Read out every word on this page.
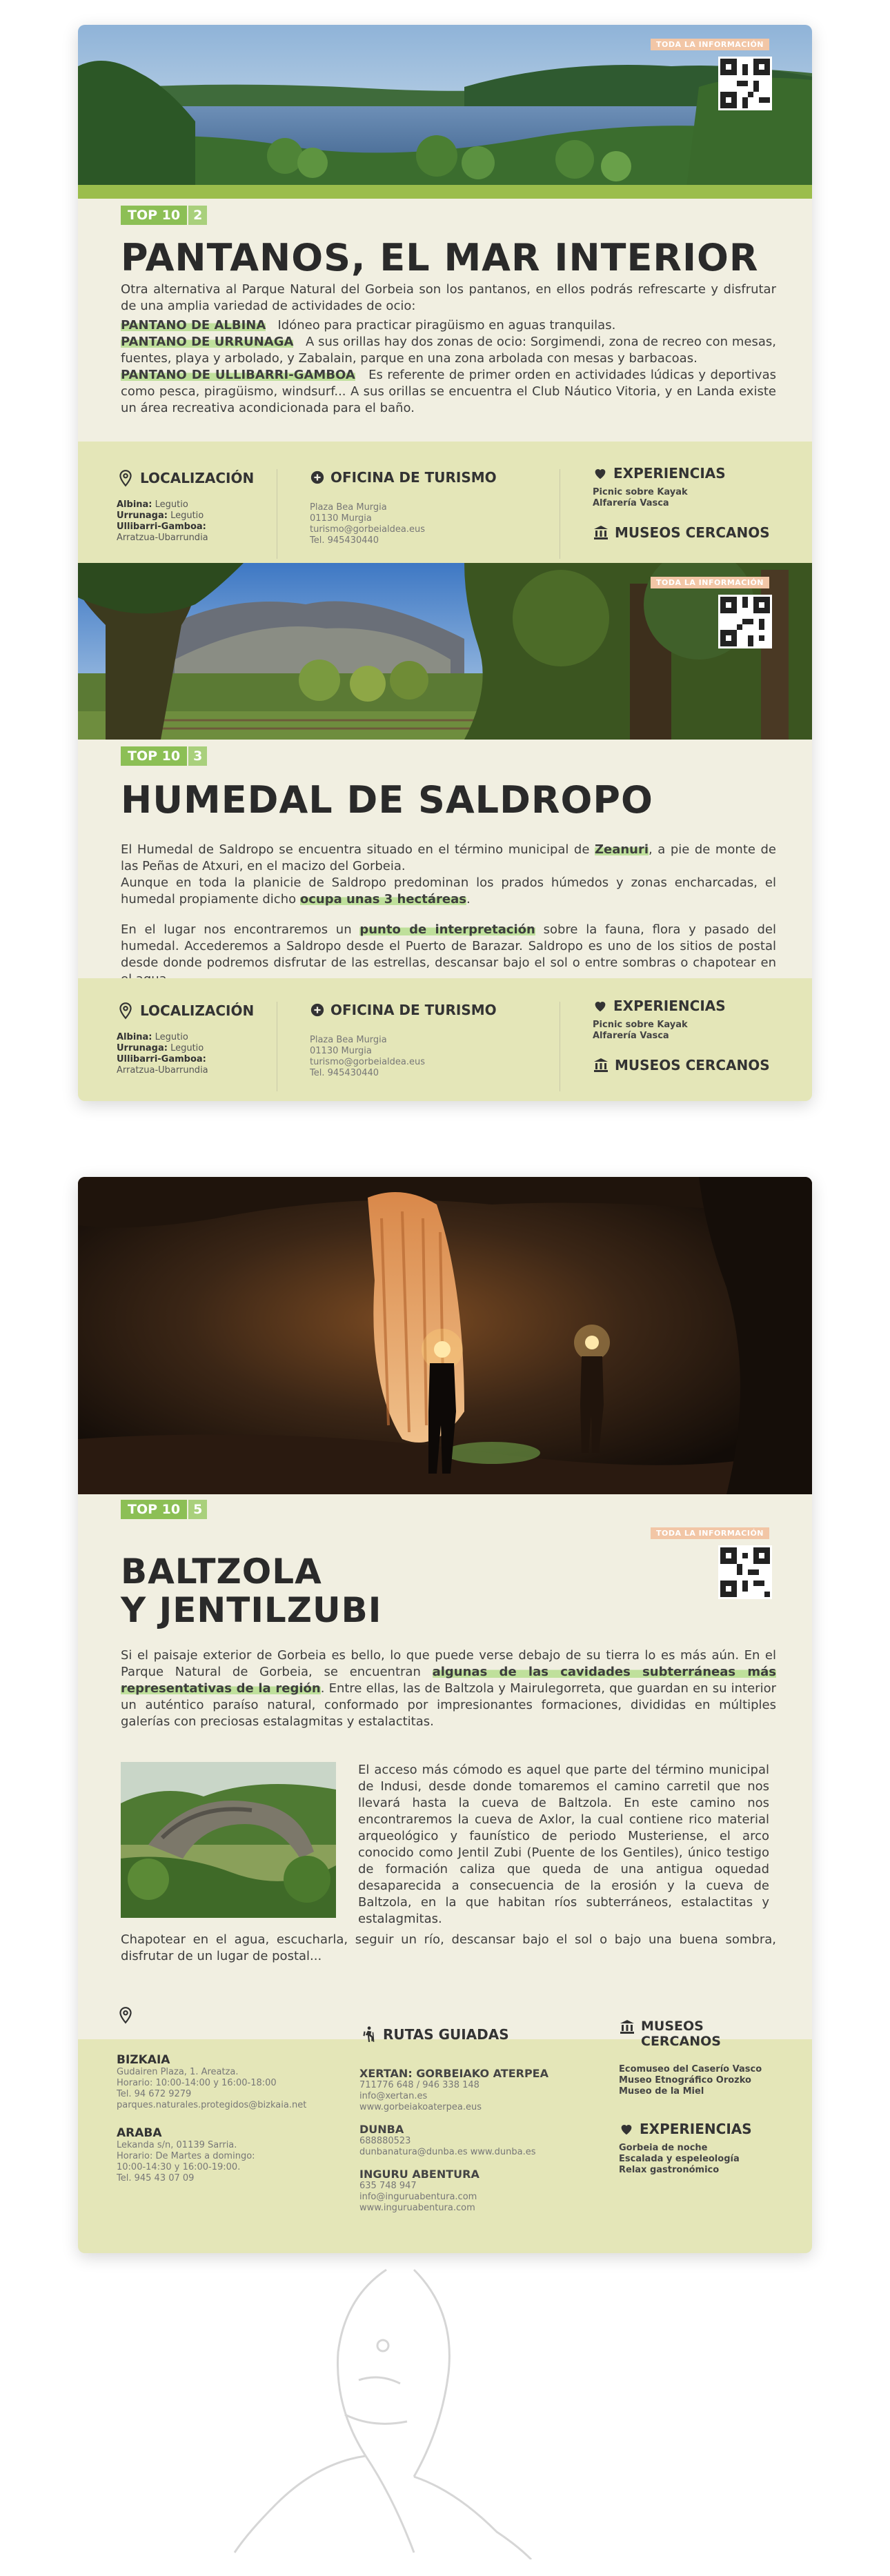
TODA LA INFORMACIÓN
TOP 10	2
PANTANOS, EL MAR INTERIOR

Otra alternativa al Parque Natural del Gorbeia son los pantanos, en ellos podrás refrescarte y disfrutar de una amplia variedad de actividades de ocio:

PANTANO DE ALBINA Idóneo para practicar piragüismo en aguas tranquilas.

PANTANO DE URRUNAGA A sus orillas hay dos zonas de ocio: Sorgimendi, zona de recreo con mesas, fuentes, playa y arbolado, y Zabalain, parque en una zona arbolada con mesas y barbacoas.

PANTANO DE ULLIBARRI-GAMBOA Es referente de primer orden en actividades lúdicas y deportivas como pesca, piragüismo, windsurf... A sus orillas se encuentra el Club Náutico Vitoria, y en Landa existe un área recreativa acondicionada para el baño.

LOCALIZACIÓN
Albina: Legutio
Urrunaga: Legutio
Ullibarri-Gamboa:
Arratzua-Ubarrundia
OFICINA DE TURISMO
Plaza Bea Murgia
01130 Murgia
turismo@gorbeialdea.eus
Tel. 945430440
EXPERIENCIAS
Picnic sobre Kayak
Alfarería Vasca
MUSEOS CERCANOS
TODA LA INFORMACIÓN
TOP 10	3
HUMEDAL DE SALDROPO

El Humedal de Saldropo se encuentra situado en el término municipal de Zeanuri, a pie de monte de las Peñas de Atxuri, en el macizo del Gorbeia.

Aunque en toda la planicie de Saldropo predominan los prados húmedos y zonas encharcadas, el humedal propiamente dicho ocupa unas 3 hectáreas.

En el lugar nos encontraremos un punto de interpretación sobre la fauna, flora y pasado del humedal. Accederemos a Saldropo desde el Puerto de Barazar. Saldropo es uno de los sitios de postal desde donde podremos disfrutar de las estrellas, descansar bajo el sol o entre sombras o chapotear en

LOCALIZACIÓN
Albina: Legutio
Urrunaga: Legutio
Ullibarri-Gamboa:
Arratzua-Ubarrundia
OFICINA DE TURISMO
Plaza Bea Murgia
01130 Murgia
turismo@gorbeialdea.eus
Tel. 945430440
EXPERIENCIAS
Picnic sobre Kayak
Alfarería Vasca
MUSEOS CERCANOS
TOP 10	5
TODA LA INFORMACIÓN
BALTZOLA
Y JENTILZUBI
Si el paisaje exterior de Gorbeia es bello, lo que puede verse debajo de su tierra lo es más aún. En el Parque Natural de Gorbeia, se encuentran algunas de las cavidades subterráneas más representativas de la región. Entre ellas, las de Baltzola y Mairulegorreta, que guardan en su interior un auténtico paraíso natural, conformado por impresionantes formaciones, divididas en múltiples galerías con preciosas estalagmitas y estalactitas.
El acceso más cómodo es aquel que parte del término municipal de Indusi, desde donde tomaremos el camino carretil que nos llevará hasta la cueva de Baltzola. En este camino nos encontraremos la cueva de Axlor, la cual contiene rico material arqueológico y faunístico de periodo Musteriense, el arco conocido como Jentil Zubi (Puente de los Gentiles), único testigo de formación caliza que queda de una antigua oquedad desaparecida a consecuencia de la erosión y la cueva de Baltzola, en la que habitan ríos subterráneos, estalactitas y estalagmitas.
Chapotear en el agua, escucharla, seguir un río, descansar bajo el sol o bajo una buena sombra, disfrutar de un lugar de postal...
BIZKAIA
Gudairen Plaza, 1. Areatza.
Horario: 10:00-14:00 y 16:00-18:00
Tel. 94 672 9279
parques.naturales.protegidos@bizkaia.net
ARABA
Lekanda s/n, 01139 Sarria.
Horario: De Martes a domingo:
10:00-14:30 y 16:00-19:00.
Tel. 945 43 07 09
RUTAS GUIADAS
XERTAN: GORBEIAKO ATERPEA
711776 648 / 946 338 148
info@xertan.es
www.gorbeiakoaterpea.eus
DUNBA
688880523
dunbanatura@dunba.es www.dunba.es
INGURU ABENTURA
635 748 947
info@inguruabentura.com
www.inguruabentura.com
MUSEOS CERCANOS
Ecomuseo del Caserío Vasco
Museo Etnográfico Orozko
Museo de la Miel
EXPERIENCIAS
Gorbeia de noche
Escalada y espeleología
Relax gastronómico
